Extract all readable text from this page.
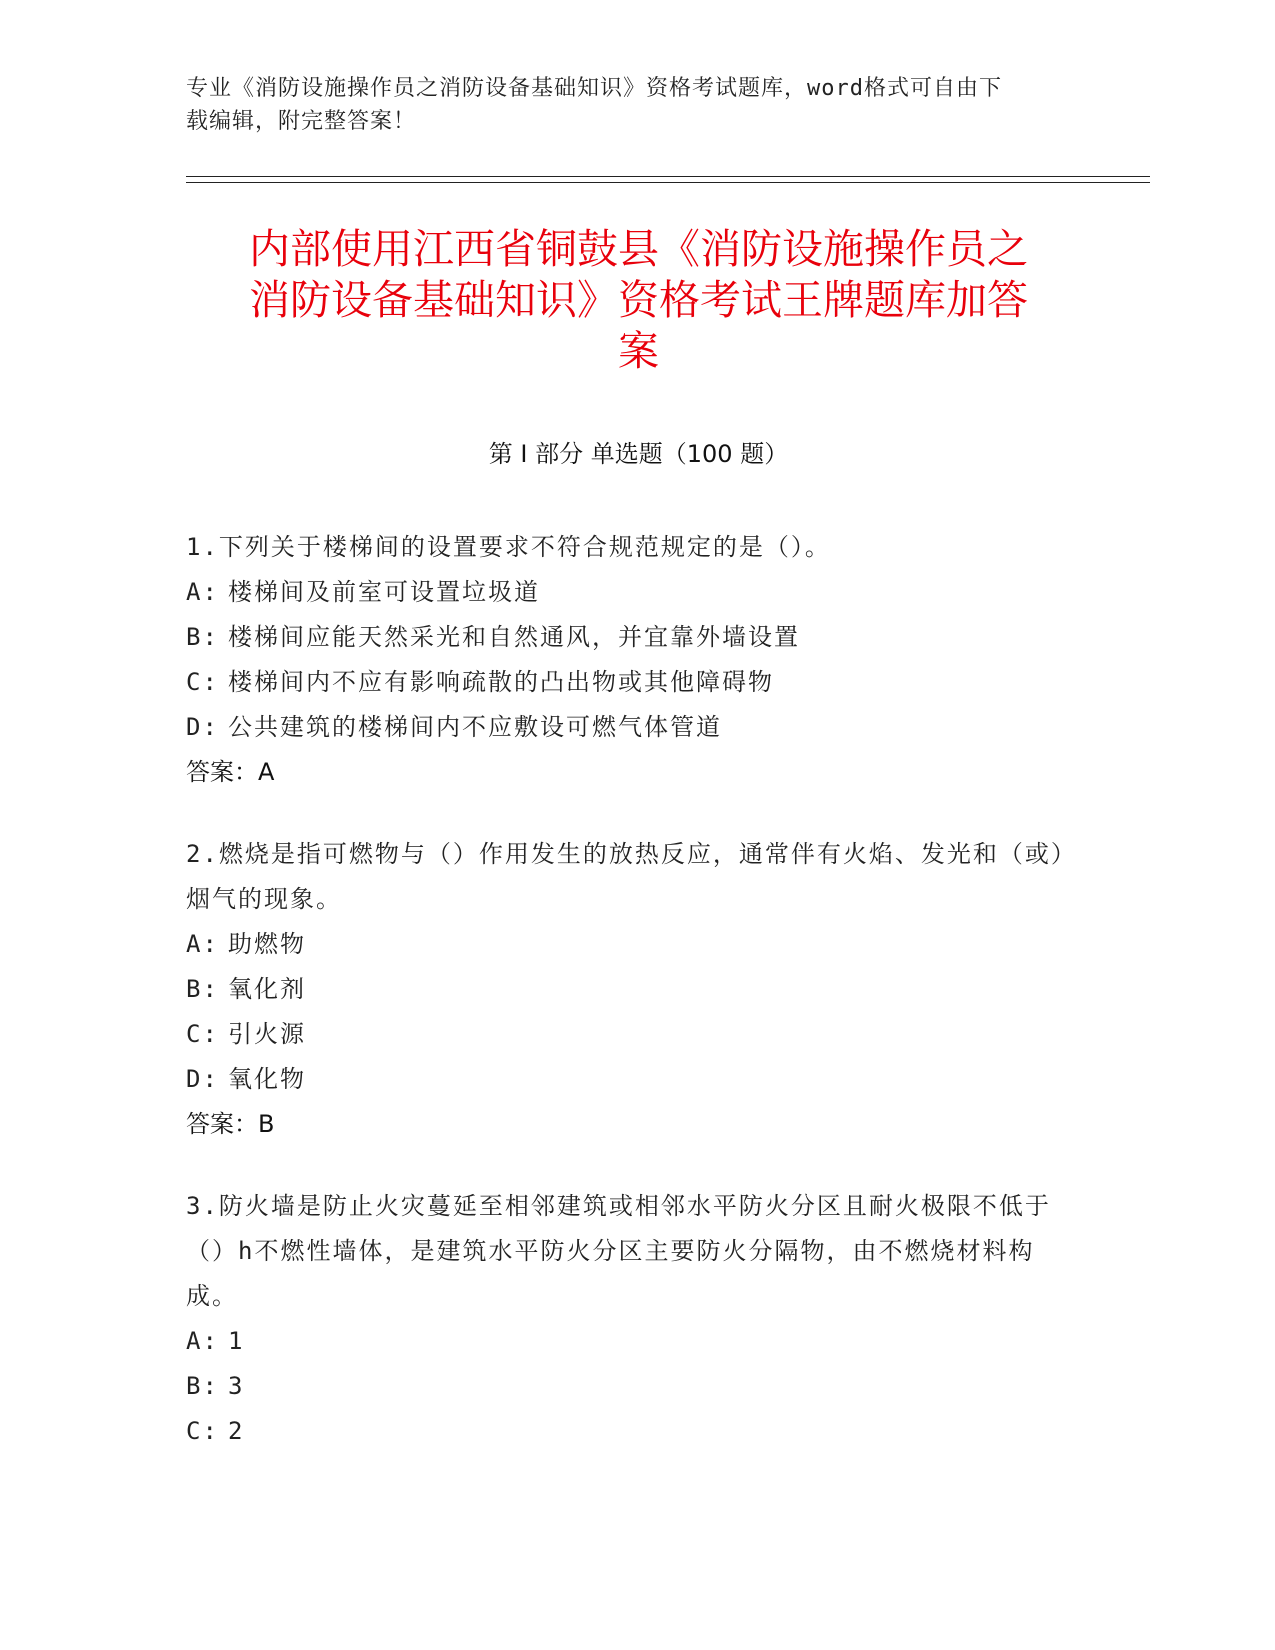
专业《消防设施操作员之消防设备基础知识》资格考试题库，word格式可自由下
载编辑，附完整答案！
内部使用江西省铜鼓县《消防设施操作员之
消防设备基础知识》资格考试王牌题库加答
案
第 I 部分 单选题（100 题）
1.下列关于楼梯间的设置要求不符合规范规定的是（）。
A: 楼梯间及前室可设置垃圾道
B: 楼梯间应能天然采光和自然通风，并宜靠外墙设置
C: 楼梯间内不应有影响疏散的凸出物或其他障碍物
D: 公共建筑的楼梯间内不应敷设可燃气体管道
答案：A
2.燃烧是指可燃物与（）作用发生的放热反应，通常伴有火焰、发光和（或）烟气的现象。
A: 助燃物
B: 氧化剂
C: 引火源
D: 氧化物
答案：B
3.防火墙是防止火灾蔓延至相邻建筑或相邻水平防火分区且耐火极限不低于（）h不燃性墙体，是建筑水平防火分区主要防火分隔物，由不燃烧材料构成。
A: 1
B: 3
C: 2
